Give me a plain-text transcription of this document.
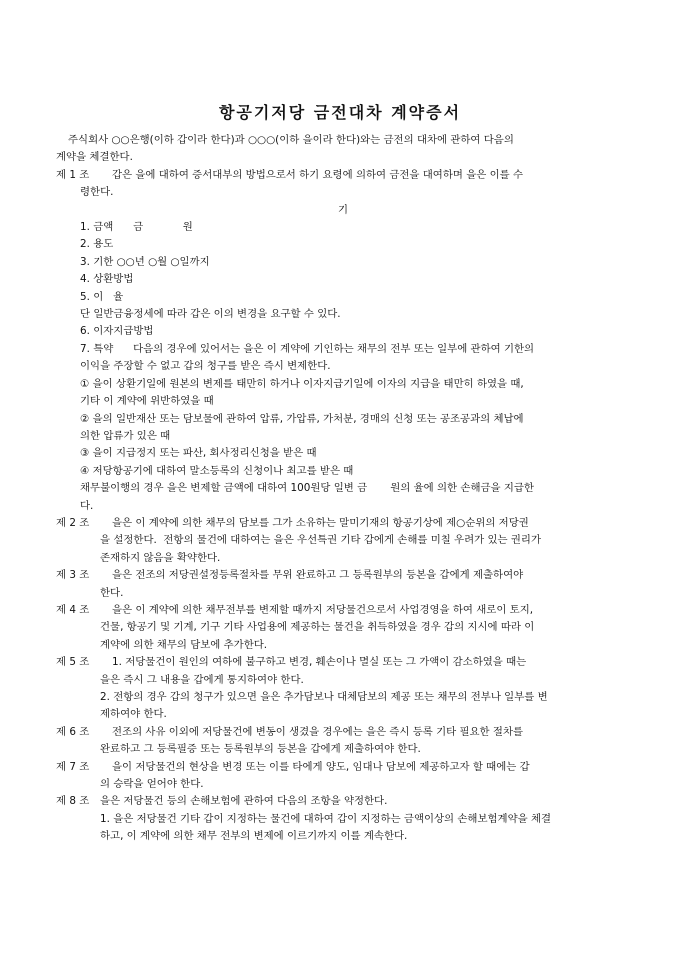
항공기저당 금전대차 계약증서
주식회사 ○○은행(이하 갑이라 한다)과 ○○○(이하 을이라 한다)와는 금전의 대차에 관하여 다음의
계약을 체결한다.
제 1 조	갑은 을에 대하여 증서대부의 방법으로서 하기 요령에 의하여 금전을 대여하며 을은 이를 수
령한다.
기
1. 금액      금            원
2. 용도
3. 기한 ○○년 ○월 ○일까지
4. 상환방법
5. 이   율
단 일반금융정세에 따라 갑은 이의 변경을 요구할 수 있다.
6. 이자지급방법
7. 특약      다음의 경우에 있어서는 을은 이 계약에 기인하는 채무의 전부 또는 일부에 관하여 기한의
이익을 주장할 수 없고 갑의 청구를 받은 즉시 변제한다.
① 을이 상환기일에 원본의 변제를 태만히 하거나 이자지급기일에 이자의 지급을 태만히 하였을 때,
기타 이 계약에 위반하였을 때
② 을의 일반재산 또는 담보물에 관하여 압류, 가압류, 가처분, 경매의 신청 또는 공조공과의 체납에
의한 압류가 있은 때
③ 을이 지급정지 또는 파산, 회사정리신청을 받은 때
④ 저당항공기에 대하여 말소등록의 신청이나 최고를 받은 때
채무불이행의 경우 을은 변제할 금액에 대하여 100원당 일변 금       원의 율에 의한 손해금을 지급한
다.
제 2 조	을은 이 계약에 의한 채무의 담보를 그가 소유하는 말미기재의 항공기상에 제○순위의 저당권
을 설정한다.  전항의 물건에 대하여는 을은 우선특권 기타 갑에게 손해를 미칠 우려가 있는 권리가
존재하지 않음을 확약한다.
제 3 조	을은 전조의 저당권설정등록절차를 무위 완료하고 그 등록원부의 등본을 갑에게 제출하여야
한다.
제 4 조	을은 이 계약에 의한 채무전부를 변제할 때까지 저당물건으로서 사업경영을 하여 새로이 토지,
건물, 항공기 및 기계, 기구 기타 사업용에 제공하는 물건을 취득하였을 경우 갑의 지시에 따라 이
계약에 의한 채무의 담보에 추가한다.
제 5 조	1. 저당물건이 원인의 여하에 불구하고 변경, 훼손이나 멸실 또는 그 가액이 감소하였을 때는
을은 즉시 그 내용을 갑에게 통지하여야 한다.
2. 전항의 경우 갑의 청구가 있으면 을은 추가담보나 대체담보의 제공 또는 채무의 전부나 일부를 변
제하여야 한다.
제 6 조	전조의 사유 이외에 저당물건에 변동이 생겼을 경우에는 을은 즉시 등록 기타 필요한 절차를
완료하고 그 등록필증 또는 등록원부의 등본을 갑에게 제출하여야 한다.
제 7 조	을이 저당물건의 현상을 변경 또는 이를 타에게 양도, 임대나 담보에 제공하고자 할 때에는 갑
의 승락을 얻어야 한다.
제 8 조	을은 저당물건 등의 손해보험에 관하여 다음의 조항을 약정한다.
1. 을은 저당물건 기타 갑이 지정하는 물건에 대하여 갑이 지정하는 금액이상의 손해보험계약을 체결
하고, 이 계약에 의한 채무 전부의 변제에 이르기까지 이를 계속한다.
